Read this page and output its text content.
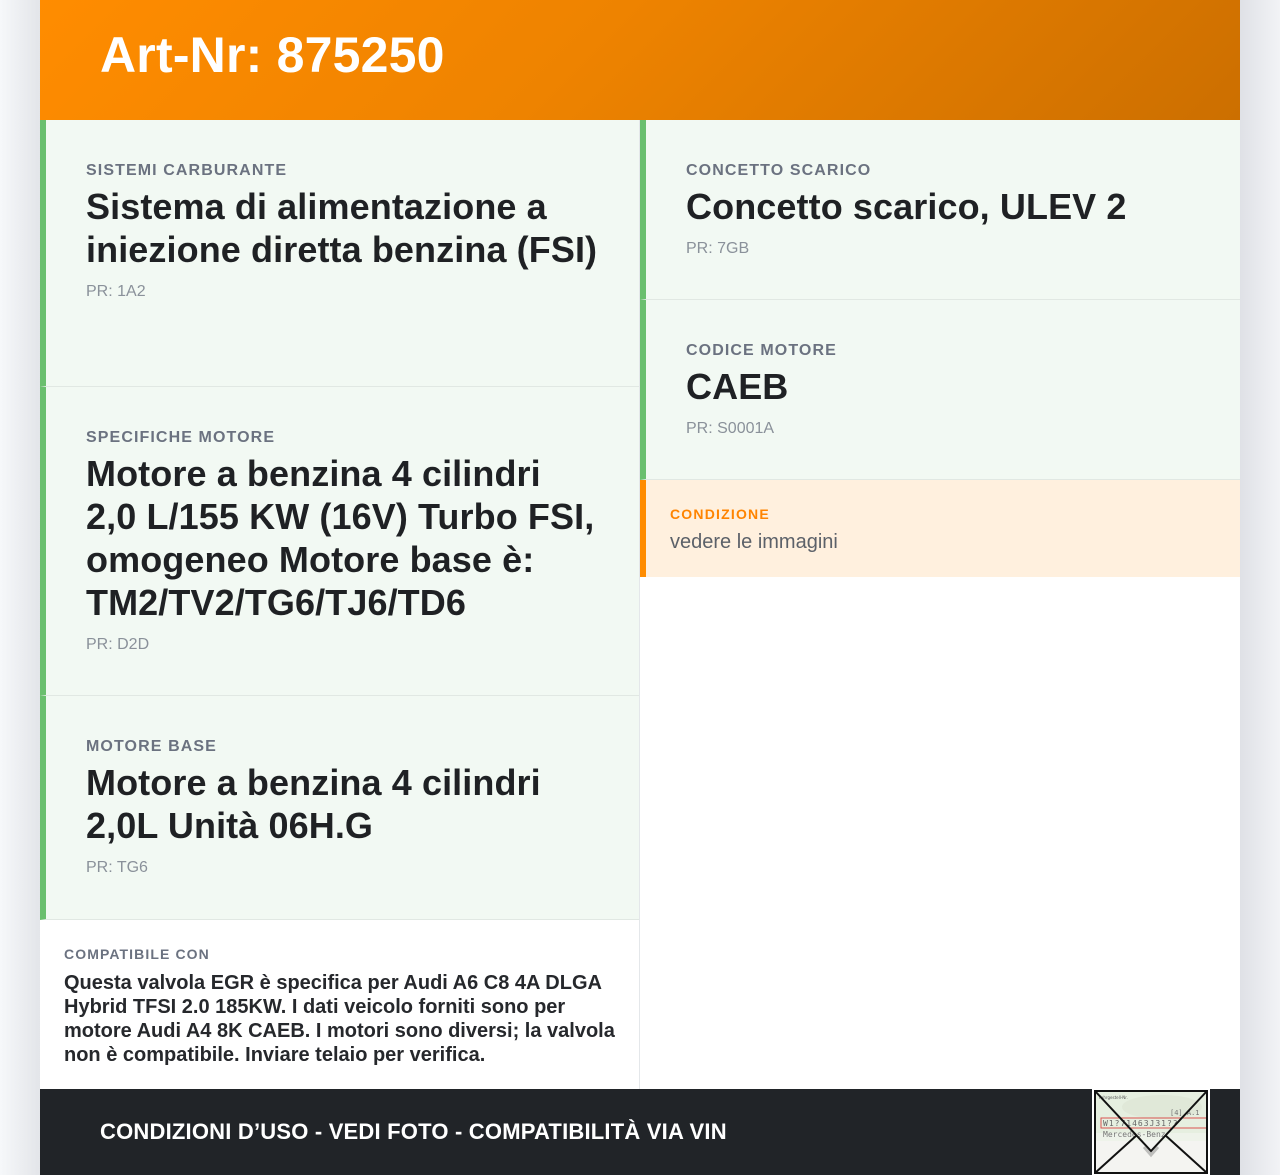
Art-Nr: 875250
SISTEMI CARBURANTE
Sistema di alimentazione a iniezione diretta benzina (FSI)
PR: 1A2
SPECIFICHE MOTORE
Motore a benzina 4 cilindri 2,0 L/155 KW (16V) Turbo FSI, omogeneo Motore base è: TM2/TV2/TG6/TJ6/TD6
PR: D2D
MOTORE BASE
Motore a benzina 4 cilindri 2,0L Unità 06H.G
PR: TG6
COMPATIBILE CON
Questa valvola EGR è specifica per Audi A6 C8 4A DLGA Hybrid TFSI 2.0 185KW. I dati veicolo forniti sono per motore Audi A4 8K CAEB. I motori sono diversi; la valvola non è compatibile. Inviare telaio per verifica.
CONCETTO SCARICO
Concetto scarico, ULEV 2
PR: 7GB
CODICE MOTORE
CAEB
PR: S0001A
CONDIZIONE
vedere le immagini
CONDIZIONI D’USO - VEDI FOTO - COMPATIBILITÀ VIA VIN
Fahrgestell-Nr.
[4] A.1
W1?71463J31??
Mercedes-Benz
